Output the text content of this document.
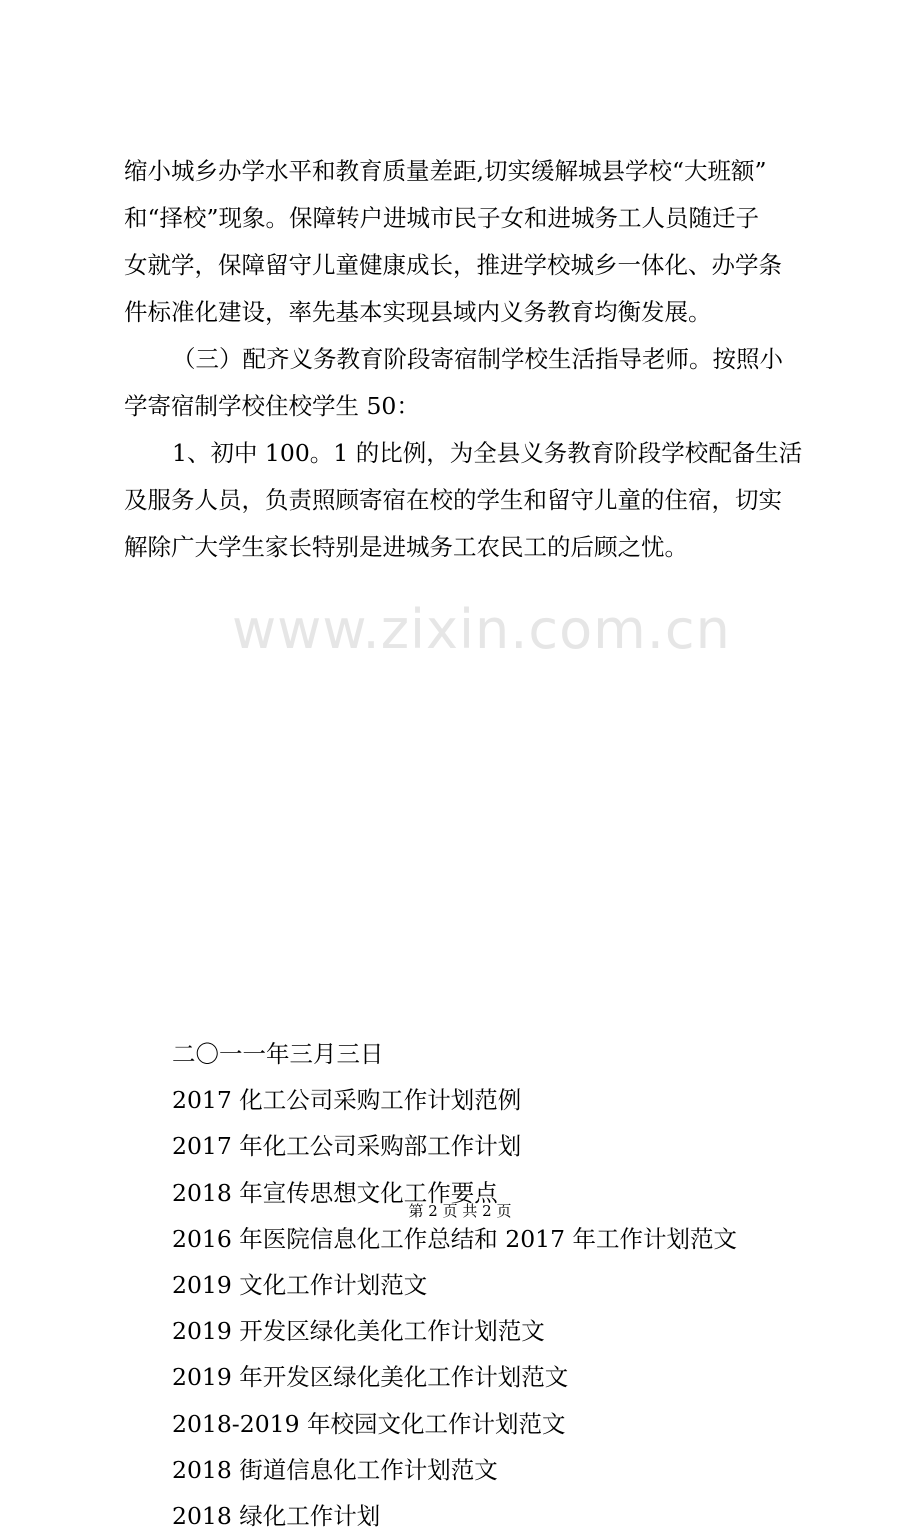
www.zixin.com.cn
缩小城乡办学水平和教育质量差距,切实缓解城县学校“大班额”
和“择校”现象。保障转户进城市民子女和进城务工人员随迁子
女就学，保障留守儿童健康成长，推进学校城乡一体化、办学条
件标准化建设，率先基本实现县域内义务教育均衡发展。
（三）配齐义务教育阶段寄宿制学校生活指导老师。按照小
学寄宿制学校住校学生 50：
1、初中 100。1 的比例，为全县义务教育阶段学校配备生活
及服务人员，负责照顾寄宿在校的学生和留守儿童的住宿，切实
解除广大学生家长特别是进城务工农民工的后顾之忧。
二〇一一年三月三日
2017 化工公司采购工作计划范例
2017 年化工公司采购部工作计划
2018 年宣传思想文化工作要点
2016 年医院信息化工作总结和 2017 年工作计划范文
2019 文化工作计划范文
2019 开发区绿化美化工作计划范文
2019 年开发区绿化美化工作计划范文
2018-2019 年校园文化工作计划范文
2018 街道信息化工作计划范文
2018 绿化工作计划
第 2 页 共 2 页
